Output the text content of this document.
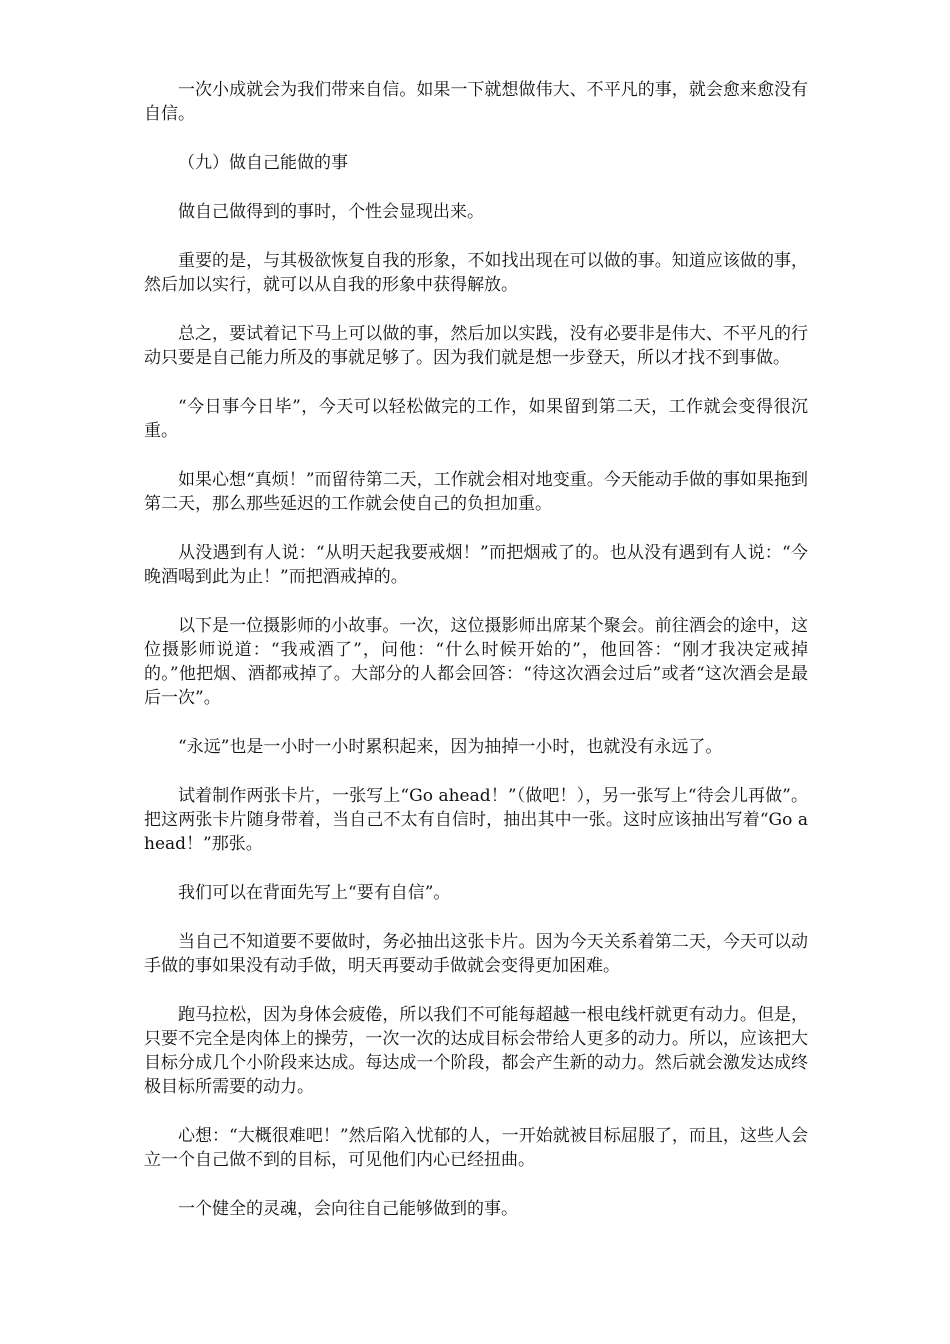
一次小成就会为我们带来自信。如果一下就想做伟大、不平凡的事，就会愈来愈没有自信。

（九）做自己能做的事

做自己做得到的事时，个性会显现出来。

重要的是，与其极欲恢复自我的形象，不如找出现在可以做的事。知道应该做的事，然后加以实行，就可以从自我的形象中获得解放。

总之，要试着记下马上可以做的事，然后加以实践，没有必要非是伟大、不平凡的行动只要是自己能力所及的事就足够了。因为我们就是想一步登天，所以才找不到事做。

“今日事今日毕”，今天可以轻松做完的工作，如果留到第二天，工作就会变得很沉重。

如果心想“真烦！”而留待第二天，工作就会相对地变重。今天能动手做的事如果拖到第二天，那么那些延迟的工作就会使自己的负担加重。

从没遇到有人说：“从明天起我要戒烟！”而把烟戒了的。也从没有遇到有人说：“今晚酒喝到此为止！”而把酒戒掉的。

以下是一位摄影师的小故事。一次，这位摄影师出席某个聚会。前往酒会的途中，这位摄影师说道：“我戒酒了”，问他：“什么时候开始的”，他回答：“刚才我决定戒掉的。”他把烟、酒都戒掉了。大部分的人都会回答：“待这次酒会过后”或者“这次酒会是最后一次”。

“永远”也是一小时一小时累积起来，因为抽掉一小时，也就没有永远了。

试着制作两张卡片，一张写上“Go ahead！”（做吧！），另一张写上“待会儿再做”。把这两张卡片随身带着，当自己不太有自信时，抽出其中一张。这时应该抽出写着“Go ahead！”那张。

我们可以在背面先写上“要有自信”。

当自己不知道要不要做时，务必抽出这张卡片。因为今天关系着第二天，今天可以动手做的事如果没有动手做，明天再要动手做就会变得更加困难。

跑马拉松，因为身体会疲倦，所以我们不可能每超越一根电线杆就更有动力。但是，只要不完全是肉体上的操劳，一次一次的达成目标会带给人更多的动力。所以，应该把大目标分成几个小阶段来达成。每达成一个阶段，都会产生新的动力。然后就会激发达成终极目标所需要的动力。

心想：“大概很难吧！”然后陷入忧郁的人，一开始就被目标屈服了，而且，这些人会立一个自己做不到的目标，可见他们内心已经扭曲。

一个健全的灵魂，会向往自己能够做到的事。
